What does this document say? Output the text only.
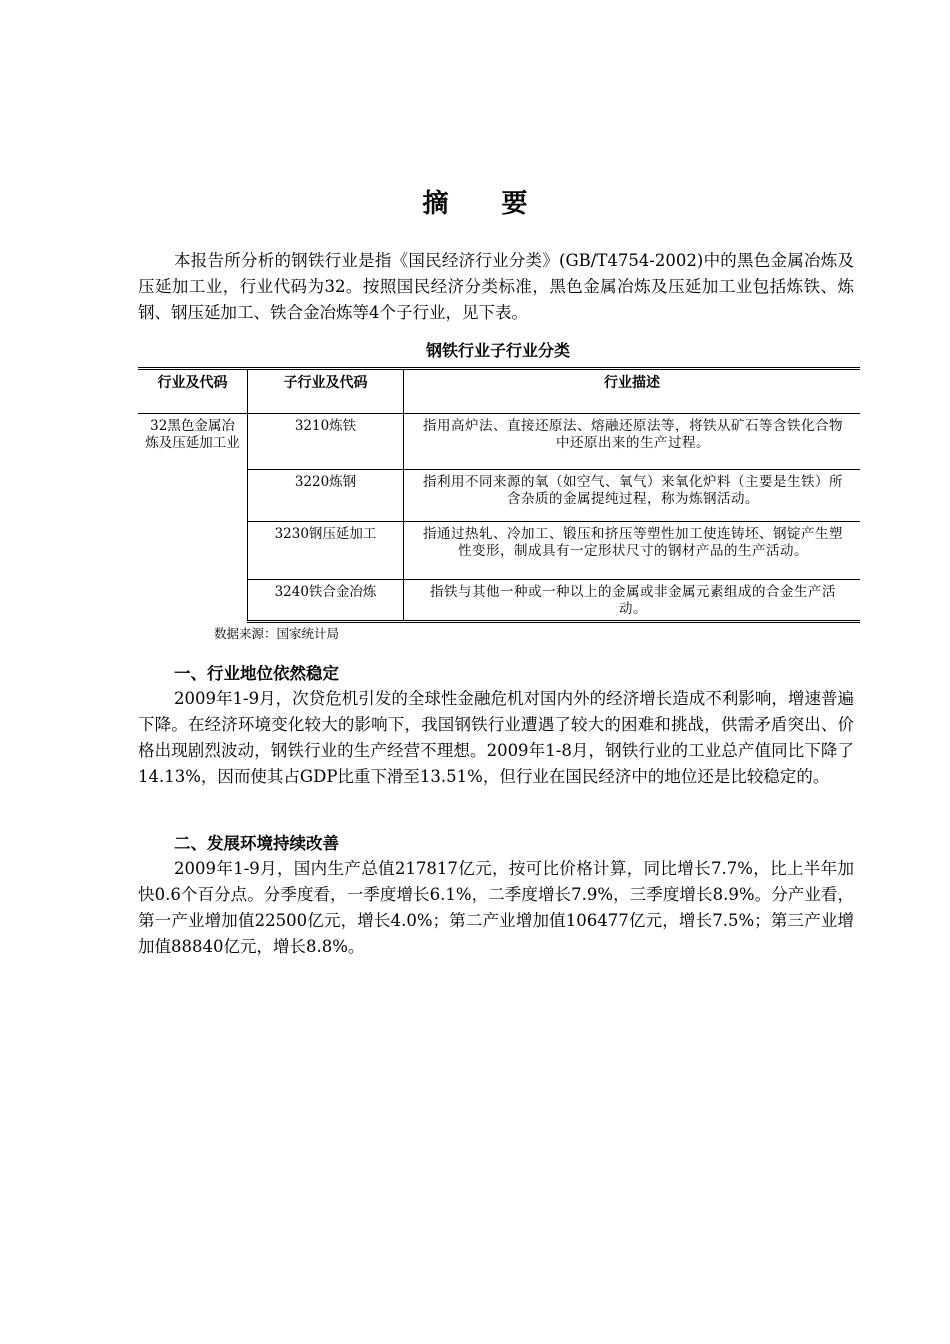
摘 要

本报告所分析的钢铁行业是指《国民经济行业分类》(GB/T4754-2002)中的黑色金属冶炼及压延加工业，行业代码为32。按照国民经济分类标准，黑色金属冶炼及压延加工业包括炼铁、炼钢、钢压延加工、铁合金冶炼等4个子行业，见下表。

钢铁行业子行业分类

行业及代码	子行业及代码	行业描述
32黑色金属冶炼及压延加工业	3210炼铁	指用高炉法、直接还原法、熔融还原法等，将铁从矿石等含铁化合物中还原出来的生产过程。
	3220炼钢	指利用不同来源的氧（如空气、氧气）来氧化炉料（主要是生铁）所含杂质的金属提纯过程，称为炼钢活动。
	3230钢压延加工	指通过热轧、冷加工、锻压和挤压等塑性加工使连铸坯、钢锭产生塑性变形，制成具有一定形状尺寸的钢材产品的生产活动。
	3240铁合金冶炼	指铁与其他一种或一种以上的金属或非金属元素组成的合金生产活动。

数据来源：国家统计局

一、行业地位依然稳定

2009年1-9月，次贷危机引发的全球性金融危机对国内外的经济增长造成不利影响，增速普遍下降。在经济环境变化较大的影响下，我国钢铁行业遭遇了较大的困难和挑战，供需矛盾突出、价格出现剧烈波动，钢铁行业的生产经营不理想。2009年1-8月，钢铁行业的工业总产值同比下降了14.13%，因而使其占GDP比重下滑至13.51%，但行业在国民经济中的地位还是比较稳定的。

二、发展环境持续改善

2009年1-9月，国内生产总值217817亿元，按可比价格计算，同比增长7.7%，比上半年加快0.6个百分点。分季度看，一季度增长6.1%，二季度增长7.9%，三季度增长8.9%。分产业看，第一产业增加值22500亿元，增长4.0%；第二产业增加值106477亿元，增长7.5%；第三产业增加值88840亿元，增长8.8%。
